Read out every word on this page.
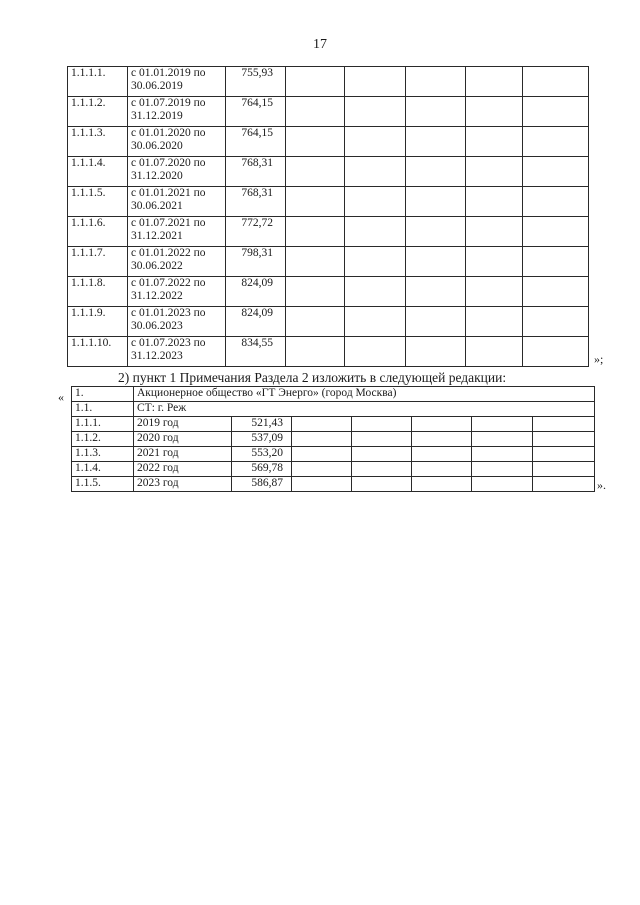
17
1.1.1.1.	с 01.01.2019 по
30.06.2019	755,93					
1.1.1.2.	с 01.07.2019 по
31.12.2019	764,15					
1.1.1.3.	с 01.01.2020 по
30.06.2020	764,15					
1.1.1.4.	с 01.07.2020 по
31.12.2020	768,31					
1.1.1.5.	с 01.01.2021 по
30.06.2021	768,31					
1.1.1.6.	с 01.07.2021 по
31.12.2021	772,72					
1.1.1.7.	с 01.01.2022 по
30.06.2022	798,31					
1.1.1.8.	с 01.07.2022 по
31.12.2022	824,09					
1.1.1.9.	с 01.01.2023 по
30.06.2023	824,09					
1.1.1.10.	с 01.07.2023 по
31.12.2023	834,55					
»;
2) пункт 1 Примечания Раздела 2 изложить в следующей редакции:
« 1.	Акционерное общество «ГТ Энерго» (город Москва)						
1.1.	СТ: г. Реж						
1.1.1.	2019 год	521,43					
1.1.2.	2020 год	537,09					
1.1.3.	2021 год	553,20					
1.1.4.	2022 год	569,78					
1.1.5.	2023 год	586,87						».
